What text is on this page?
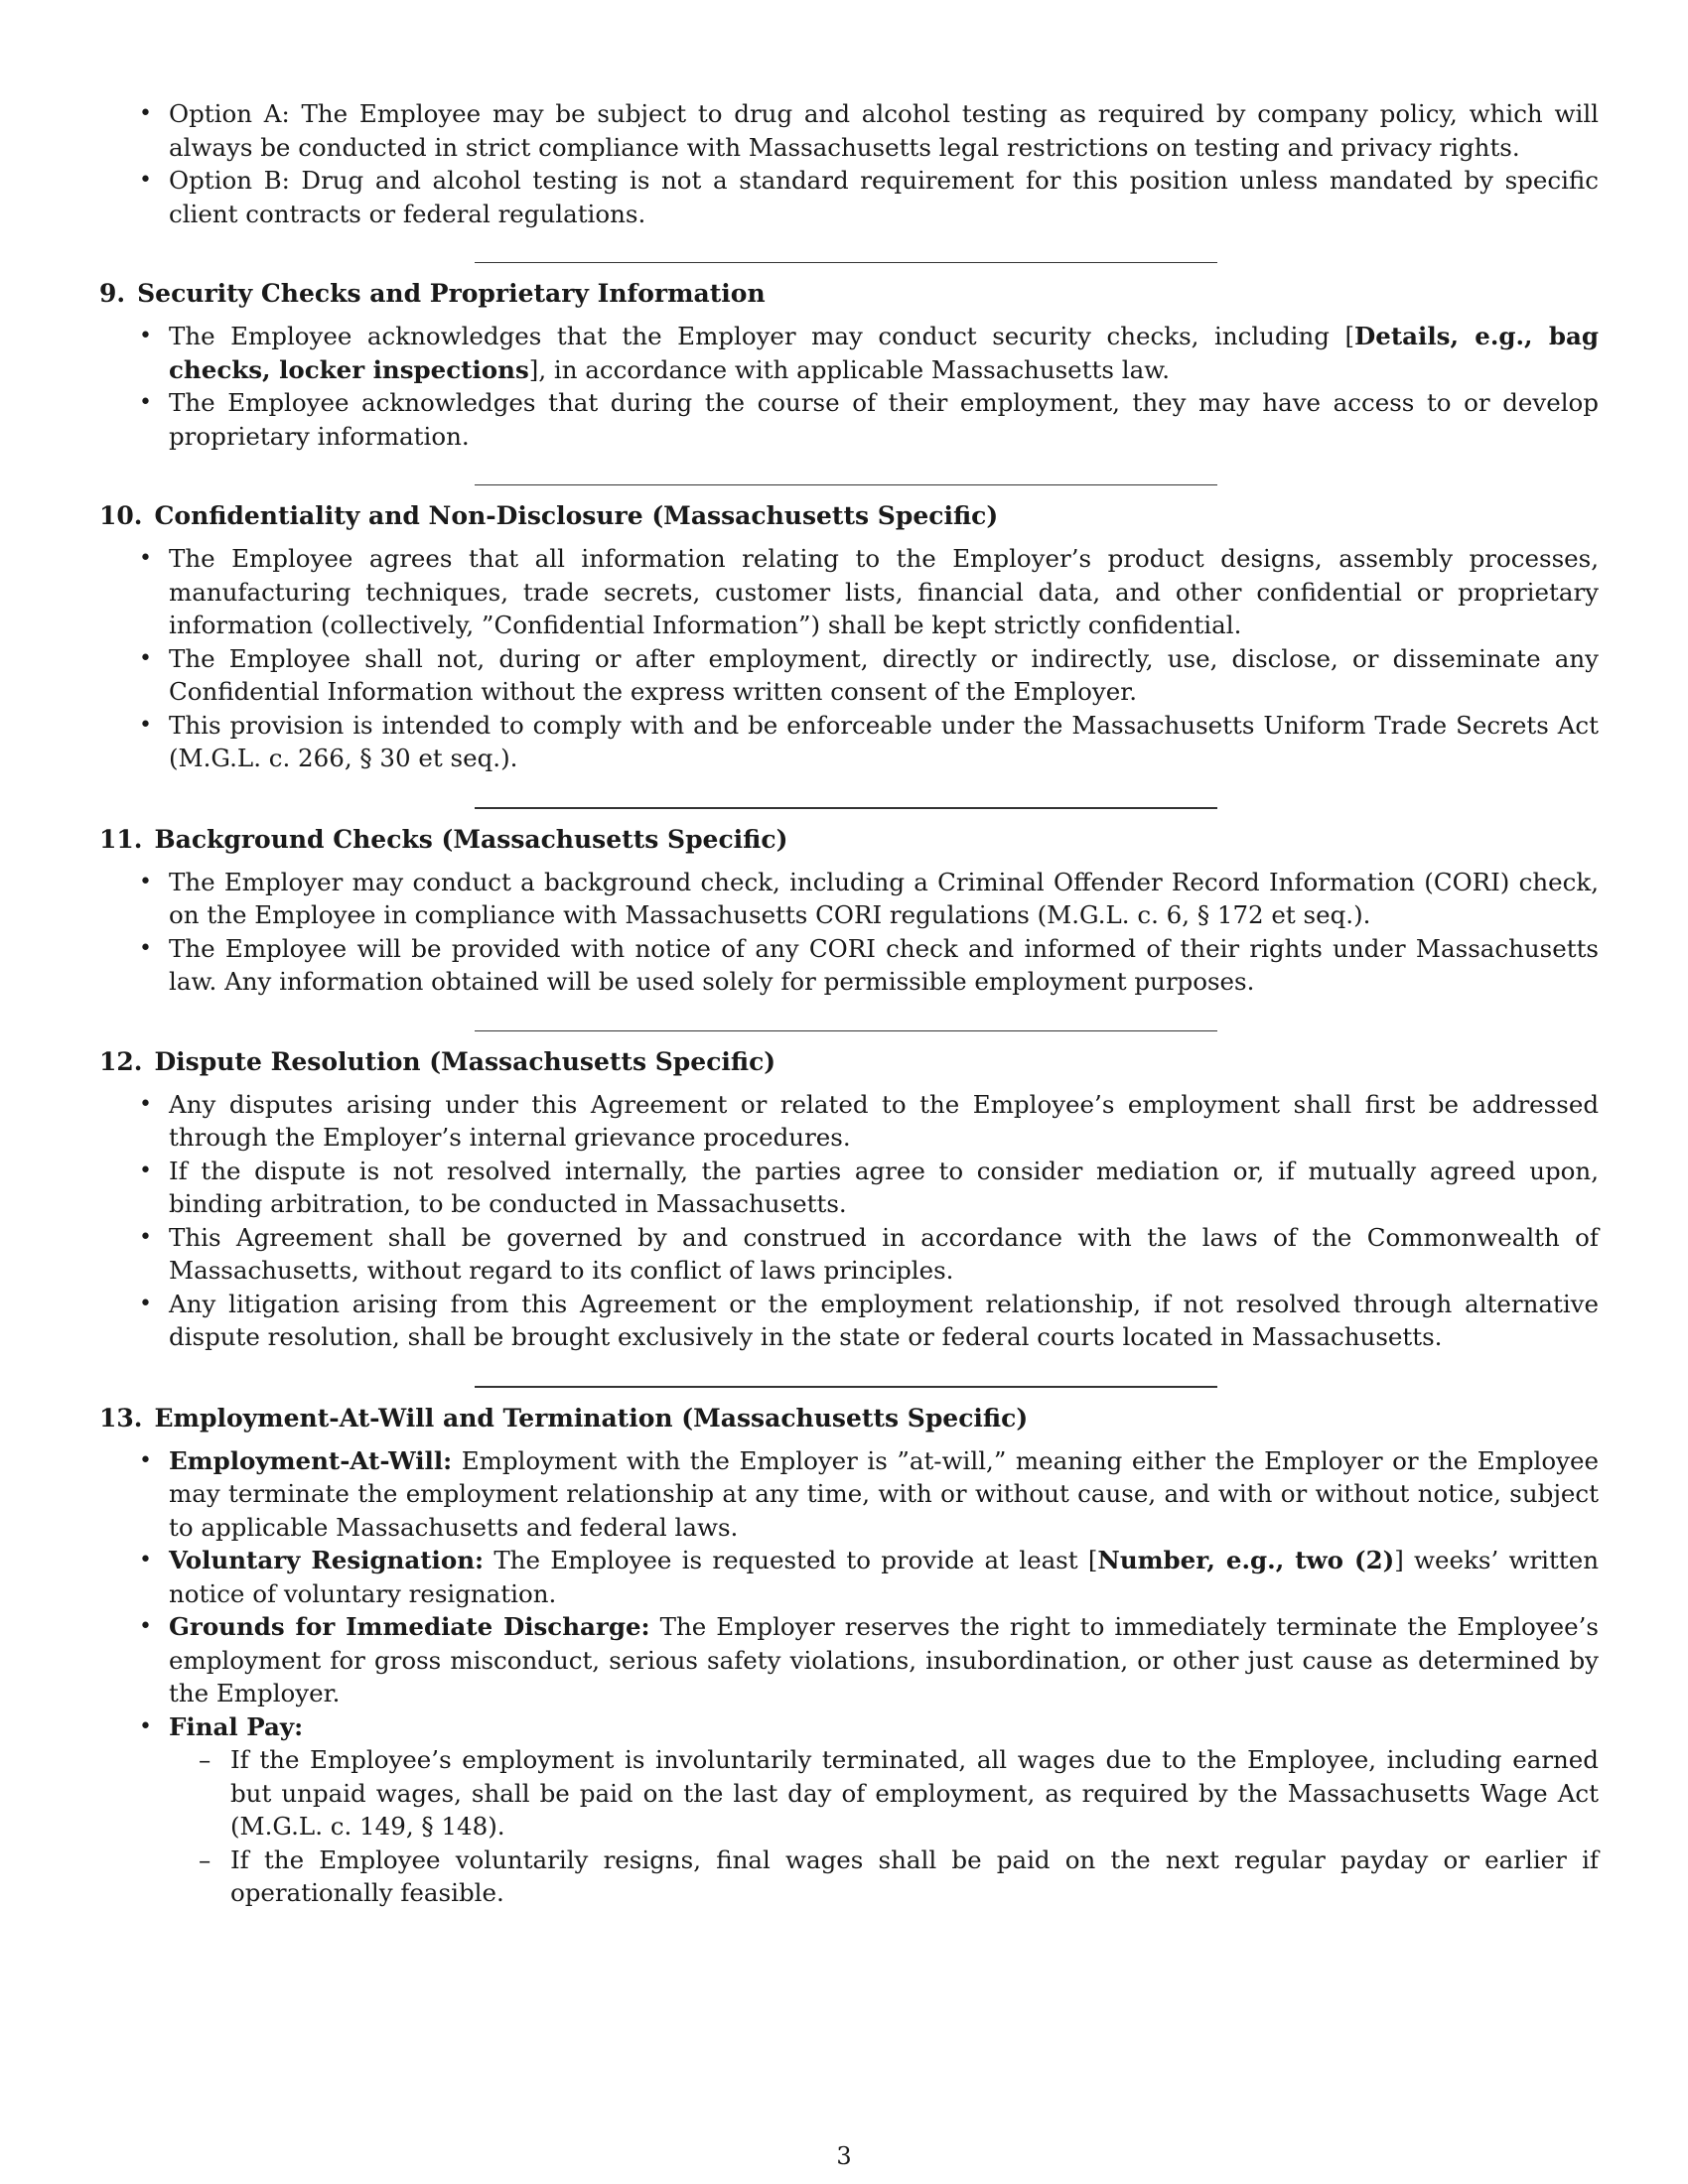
• Option A: The Employee may be subject to drug and alcohol testing as required by company policy, which will always be conducted in strict compliance with Massachusetts legal restrictions on testing and privacy rights.
• Option B: Drug and alcohol testing is not a standard requirement for this position unless mandated by specific client contracts or federal regulations.
9. Security Checks and Proprietary Information
• The Employee acknowledges that the Employer may conduct security checks, including [Details, e.g., bag checks, locker inspections], in accordance with applicable Massachusetts law.
• The Employee acknowledges that during the course of their employment, they may have access to or develop proprietary information.
10. Confidentiality and Non-Disclosure (Massachusetts Specific)
• The Employee agrees that all information relating to the Employer’s product designs, assembly processes, manufacturing techniques, trade secrets, customer lists, financial data, and other confidential or proprietary information (collectively, ”Confidential Information”) shall be kept strictly confidential.
• The Employee shall not, during or after employment, directly or indirectly, use, disclose, or disseminate any Confidential Information without the express written consent of the Employer.
• This provision is intended to comply with and be enforceable under the Massachusetts Uniform Trade Secrets Act (M.G.L. c. 266, § 30 et seq.).
11. Background Checks (Massachusetts Specific)
• The Employer may conduct a background check, including a Criminal Offender Record Information (CORI) check, on the Employee in compliance with Massachusetts CORI regulations (M.G.L. c. 6, § 172 et seq.).
• The Employee will be provided with notice of any CORI check and informed of their rights under Massachusetts law. Any information obtained will be used solely for permissible employment purposes.
12. Dispute Resolution (Massachusetts Specific)
• Any disputes arising under this Agreement or related to the Employee’s employment shall first be addressed through the Employer’s internal grievance procedures.
• If the dispute is not resolved internally, the parties agree to consider mediation or, if mutually agreed upon, binding arbitration, to be conducted in Massachusetts.
• This Agreement shall be governed by and construed in accordance with the laws of the Commonwealth of Massachusetts, without regard to its conflict of laws principles.
• Any litigation arising from this Agreement or the employment relationship, if not resolved through alternative dispute resolution, shall be brought exclusively in the state or federal courts located in Massachusetts.
13. Employment-At-Will and Termination (Massachusetts Specific)
• Employment-At-Will: Employment with the Employer is ”at-will,” meaning either the Employer or the Employee may terminate the employment relationship at any time, with or without cause, and with or without notice, subject to applicable Massachusetts and federal laws.
• Voluntary Resignation: The Employee is requested to provide at least [Number, e.g., two (2)] weeks’ written notice of voluntary resignation.
• Grounds for Immediate Discharge: The Employer reserves the right to immediately terminate the Employee’s employment for gross misconduct, serious safety violations, insubordination, or other just cause as determined by the Employer.
• Final Pay:
– If the Employee’s employment is involuntarily terminated, all wages due to the Employee, including earned but unpaid wages, shall be paid on the last day of employment, as required by the Massachusetts Wage Act (M.G.L. c. 149, § 148).
– If the Employee voluntarily resigns, final wages shall be paid on the next regular payday or earlier if operationally feasible.
3
